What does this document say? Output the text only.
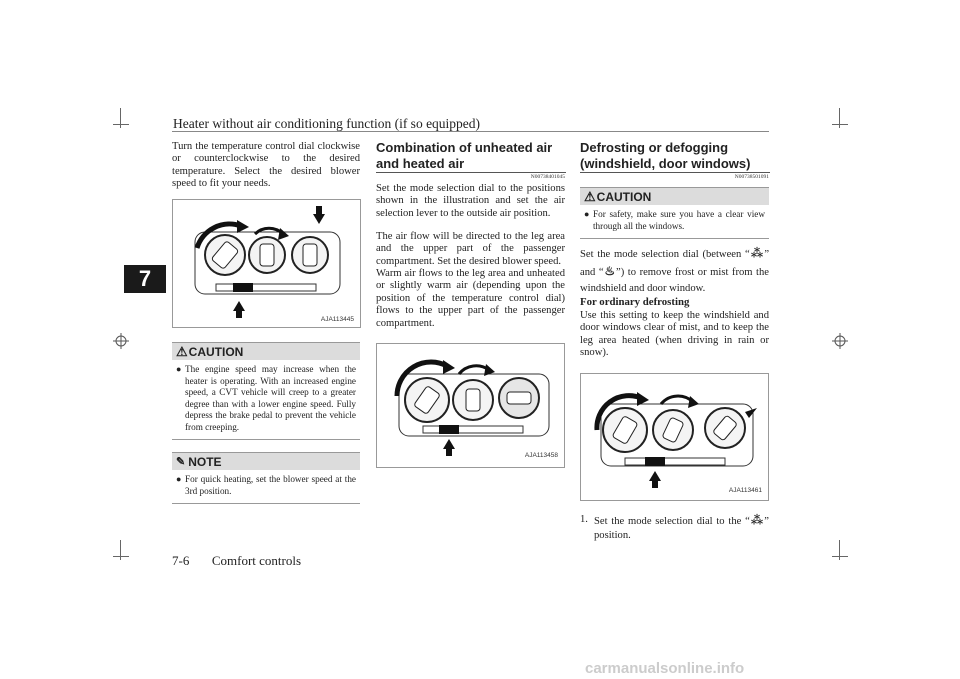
Heater without air conditioning function (if so equipped)
7

Turn the temperature control dial clockwise or counterclockwise to the desired temperature. Select the desired blower speed to fit your needs.

AJA113445
⚠ CAUTION
● The engine speed may increase when the heater is operating. With an increased engine speed, a CVT vehicle will creep to a greater degree than with a lower engine speed. Fully depress the brake pedal to prevent the vehicle from creeping.
✎ NOTE
● For quick heating, set the blower speed at the 3rd position.
Combination of unheated air and heated air
N00738401045

Set the mode selection dial to the positions shown in the illustration and set the air selection lever to the outside air position.

The air flow will be directed to the leg area and the upper part of the passenger compartment. Set the desired blower speed.

Warm air flows to the leg area and unheated or slightly warm air (depending upon the position of the temperature control dial) flows to the upper part of the passenger compartment.

AJA113458
Defrosting or defogging (windshield, door windows)
N00738501091
⚠ CAUTION
● For safety, make sure you have a clear view through all the windows.

Set the mode selection dial (between “⁂” and “♨”) to remove frost or mist from the windshield and door window.

For ordinary defrosting

Use this setting to keep the windshield and door windows clear of mist, and to keep the leg area heated (when driving in rain or snow).

AJA113461
1. Set the mode selection dial to the “⁂” position.
7-6 Comfort controls
carmanualsonline.info
